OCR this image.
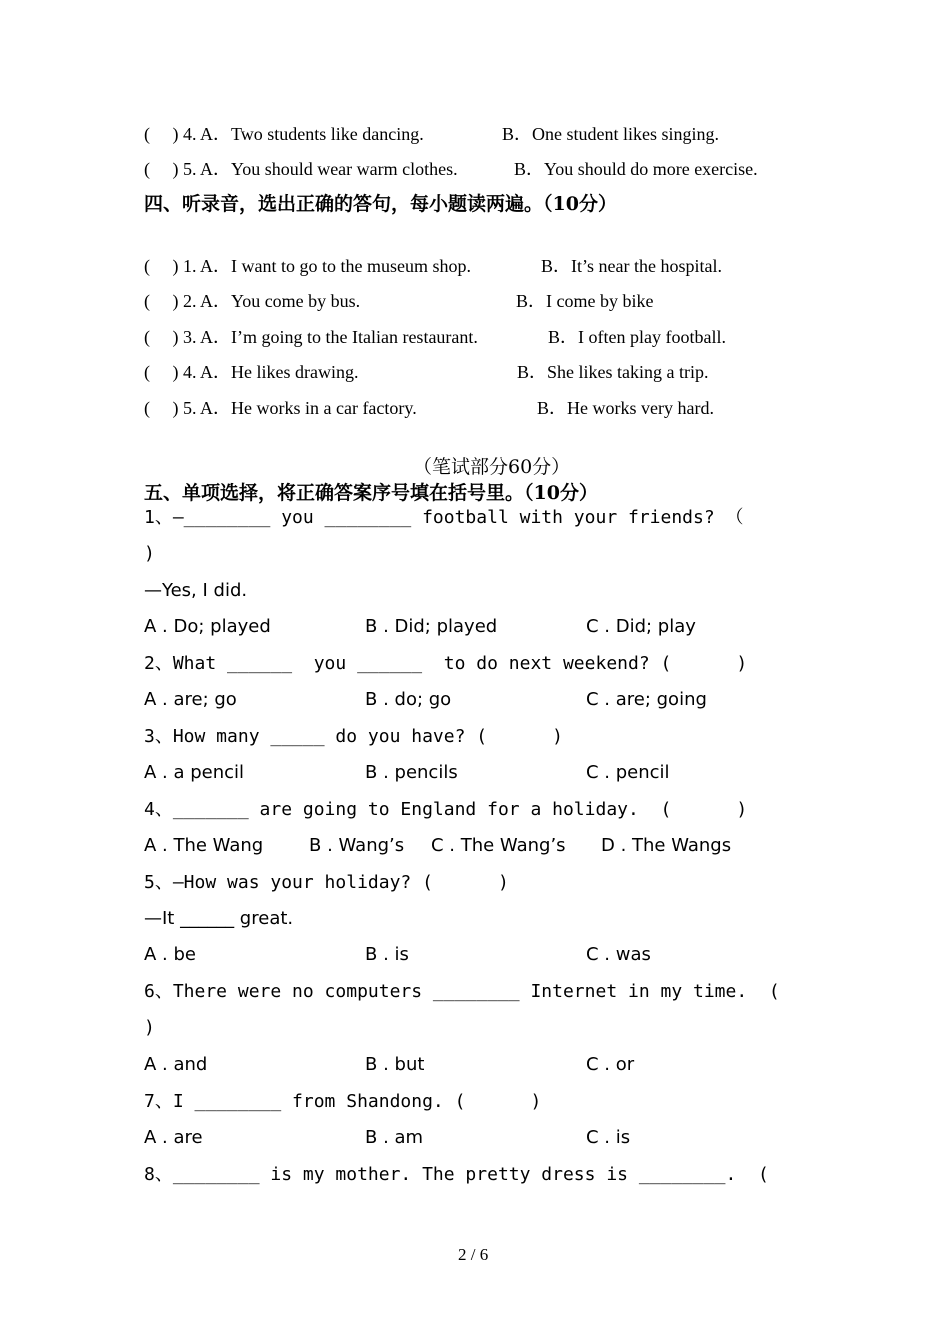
(     ) 4. A．Two students like dancing.	B．One student likes singing.
(     ) 5. A．You should wear warm clothes.	B．You should do more exercise.
四、听录音，选出正确的答句，每小题读两遍。（10分）
(     ) 1. A．I want to go to the museum shop.	B．It’s near the hospital.
(     ) 2. A．You come by bus.	B．I come by bike
(     ) 3. A．I’m going to the Italian restaurant.	B．I often play football.
(     ) 4. A．He likes drawing.	B．She likes taking a trip.
(     ) 5. A．He works in a car factory.	B．He works very hard.
（笔试部分60分）
五、单项选择，将正确答案序号填在括号里。（10分）
1、—________ you ________ football with your friends? （
)
—Yes, I did.
A . Do; played	B . Did; played	C . Did; play
2、What ______  you ______  to do next weekend? (      )
A . are; go	B . do; go	C . are; going
3、How many _____ do you have? (      )
A . a pencil	B . pencils	C . pencil
4、_______ are going to England for a holiday.  (      )
A . The Wang	B . Wang’s C . The Wang’s D . The Wangs
5、—How was your holiday? (      )
—It ______ great.
A . be	B . is	C . was
6、There were no computers ________ Internet in my time.  (
)
A . and	B . but	C . or
7、I ________ from Shandong. (      )
A . are	B . am	C . is
8、________ is my mother. The pretty dress is ________.  (
2 / 6
